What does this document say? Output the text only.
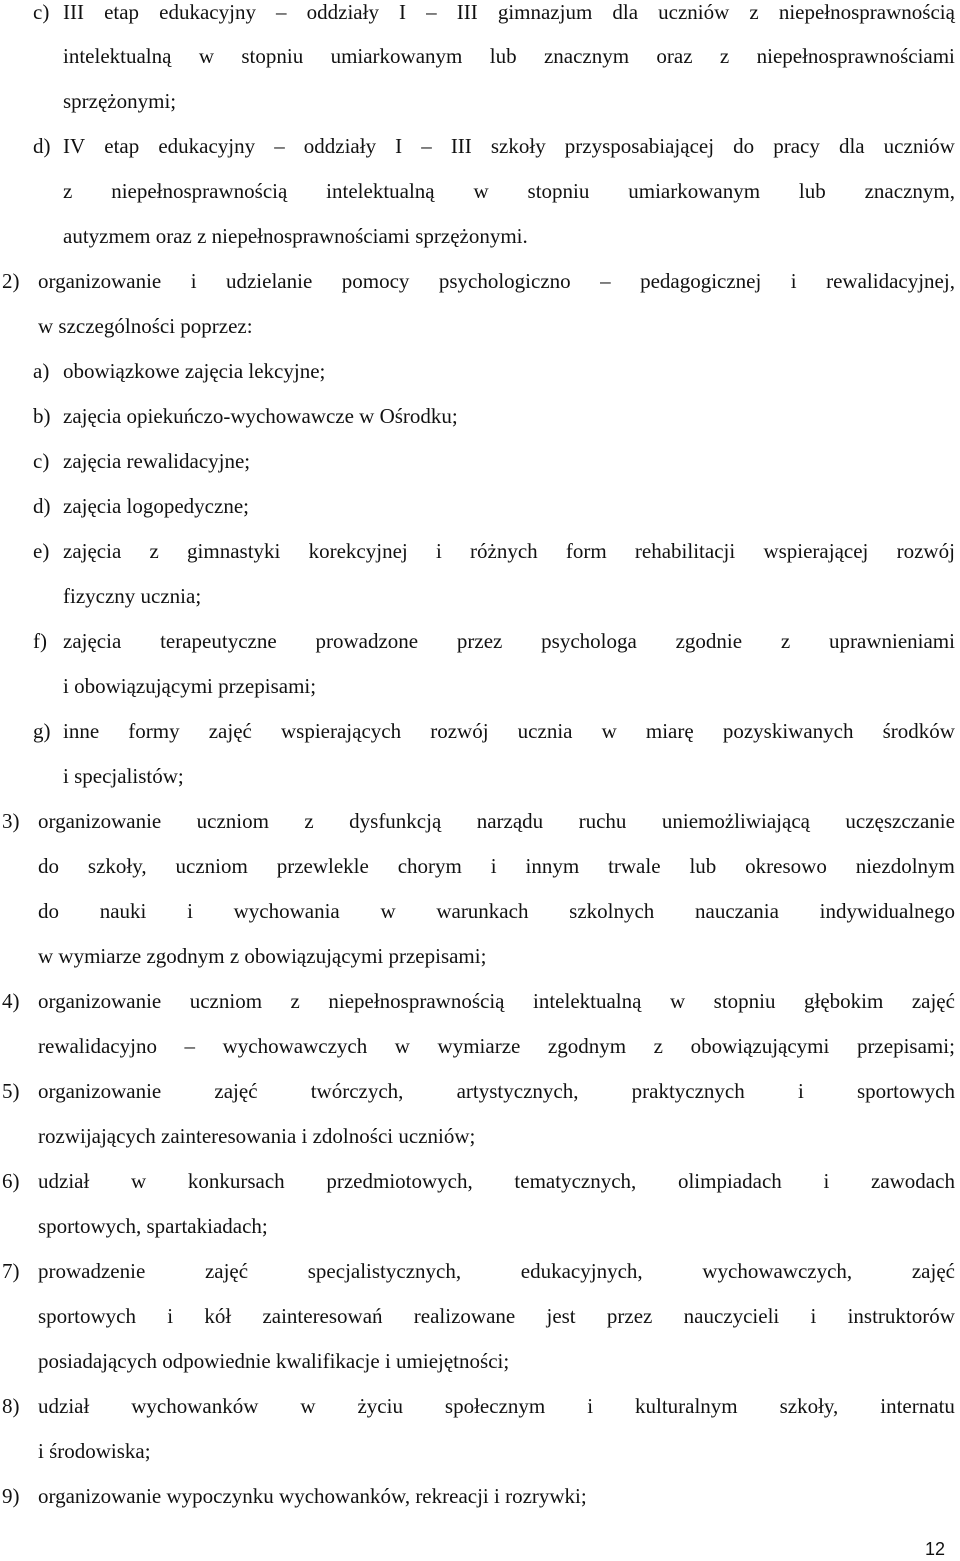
c) III etap edukacyjny – oddziały I – III gimnazjum dla uczniów z niepełnosprawnością
intelektualną w stopniu umiarkowanym lub znacznym oraz z niepełnosprawnościami
sprzężonymi;
d) IV etap edukacyjny – oddziały I – III szkoły przysposabiającej do pracy dla uczniów
z niepełnosprawnością intelektualną w stopniu umiarkowanym lub znacznym,
autyzmem oraz z niepełnosprawnościami sprzężonymi.
2) organizowanie i udzielanie pomocy psychologiczno – pedagogicznej i rewalidacyjnej,
w szczególności poprzez:
a) obowiązkowe zajęcia lekcyjne;
b) zajęcia opiekuńczo-wychowawcze w Ośrodku;
c) zajęcia rewalidacyjne;
d) zajęcia logopedyczne;
e) zajęcia z gimnastyki korekcyjnej i różnych form rehabilitacji wspierającej rozwój
fizyczny ucznia;
f) zajęcia terapeutyczne prowadzone przez psychologa zgodnie z uprawnieniami
i obowiązującymi przepisami;
g) inne formy zajęć wspierających rozwój ucznia w miarę pozyskiwanych środków
i specjalistów;
3) organizowanie uczniom z dysfunkcją narządu ruchu uniemożliwiającą uczęszczanie
do szkoły, uczniom przewlekle chorym i innym trwale lub okresowo niezdolnym
do nauki i wychowania w warunkach szkolnych nauczania indywidualnego
w wymiarze zgodnym z obowiązującymi przepisami;
4) organizowanie uczniom z niepełnosprawnością intelektualną w stopniu głębokim zajęć
rewalidacyjno – wychowawczych w wymiarze zgodnym z obowiązującymi przepisami;
5) organizowanie	zajęć	twórczych,	artystycznych,	praktycznych	i	sportowych
rozwijających zainteresowania i zdolności uczniów;
6) udział w konkursach przedmiotowych, tematycznych, olimpiadach i zawodach
sportowych, spartakiadach;
7) prowadzenie	zajęć	specjalistycznych,	edukacyjnych,	wychowawczych,	zajęć
sportowych i kół zainteresowań realizowane jest przez nauczycieli i instruktorów
posiadających odpowiednie kwalifikacje i umiejętności;
8) udział wychowanków w życiu społecznym i kulturalnym szkoły, internatu
i środowiska;
9) organizowanie wypoczynku wychowanków, rekreacji i rozrywki;
12
